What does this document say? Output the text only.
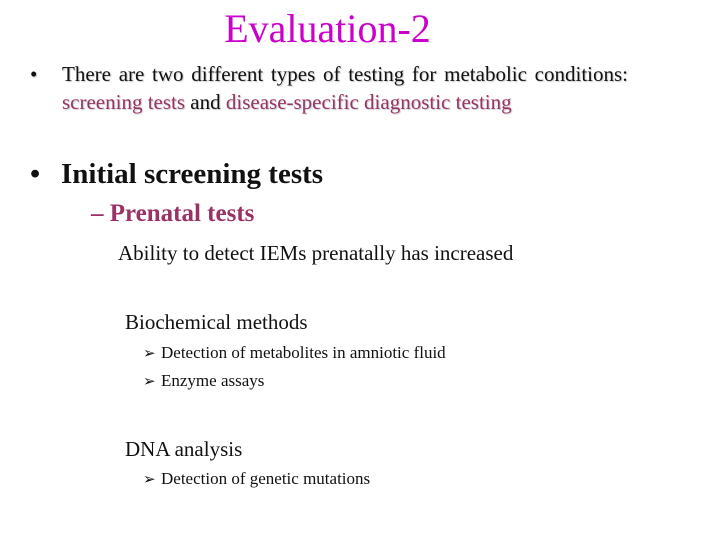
Evaluation-2
• There are two different types of testing for metabolic conditions: screening tests and disease-specific diagnostic testing
• Initial screening tests
– Prenatal tests
Ability to detect IEMs prenatally has increased
Biochemical methods
➢ Detection of metabolites in amniotic fluid
➢ Enzyme assays
DNA analysis
➢ Detection of genetic mutations
